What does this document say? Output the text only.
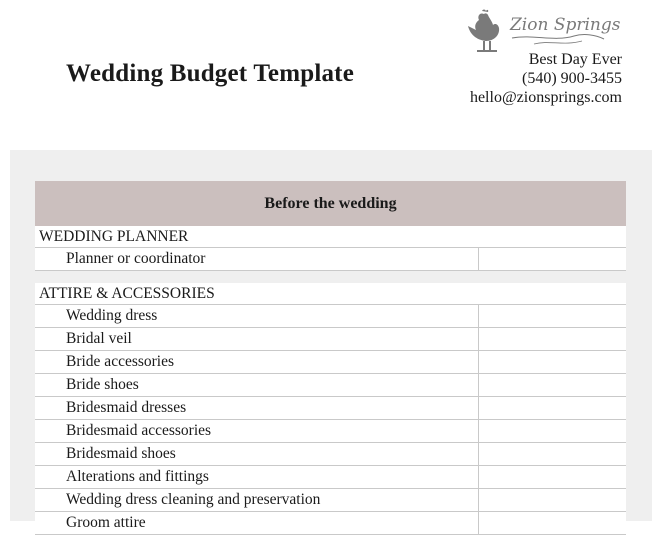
Wedding Budget Template
Zion Springs
Best Day Ever
(540) 900-3455
hello@zionsprings.com
Before the wedding
WEDDING PLANNER
Planner or coordinator
ATTIRE & ACCESSORIES
Wedding dress
Bridal veil
Bride accessories
Bride shoes
Bridesmaid dresses
Bridesmaid accessories
Bridesmaid shoes
Alterations and fittings
Wedding dress cleaning and preservation
Groom attire
